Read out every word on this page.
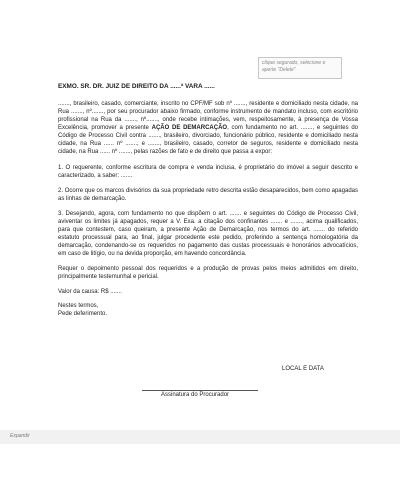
clique segurado, selecione e
aperte "Delete"

EXMO. SR. DR. JUIZ DE DIREITO DA ......ª VARA ......

......., brasileiro, casado, comerciante, inscrito no CPF/MF sob nº ......., residente e domiciliado nesta cidade, na Rua ......., nº......., por seu procurador abaixo firmado, conforme instrumento de mandato incluso, com escritório profissional na Rua da ......., nº......., onde recebe intimações, vem, respeitosamente, à presença de Vossa Excelência, promover a presente AÇÃO DE DEMARCAÇÃO, com fundamento no art. ......., e seguintes do Código de Processo Civil contra ......., brasileiro, divorciado, funcionário público, residente e domiciliado nesta cidade, na Rua ...... nº ......., e ......., brasileiro, casado, corretor de seguros, residente e domiciliado nesta cidade, na Rua ...... nº ......., pelas razões de fato e de direito que passa a expor:

1. O requerente, conforme escritura de compra e venda inclusa, é proprietário do imóvel a seguir descrito e caracterizado, a saber: .......

2. Ocorre que os marcos divisórios da sua propriedade retro descrita estão desaparecidos, bem como apagadas as linhas de demarcação.

3. Desejando, agora, com fundamento no que dispõem o art. ....... e seguintes do Código de Processo Civil, aviventar os limites já apagados, requer a V. Exa. a citação dos confinantes ....... e ......., acima qualificados, para que contestem, caso queiram, a presente Ação de Demarcação, nos termos do art. ....... do referido estatuto processual para, ao final, julgar procedente este pedido, proferindo a sentença homologatória da demarcação, condenando-se os requeridos no pagamento das custas processuais e honorários advocatícios, em caso de litígio, ou na devida proporção, em havendo concordância.

Requer o depoimento pessoal dos requeridos e a produção de provas pelos meios admitidos em direito, principalmente testemunhal e pericial.

Valor da causa: R$ .......

Nestes termos,

Pede deferimento.

LOCAL E DATA
Assinatura do Procurador
Expandir
